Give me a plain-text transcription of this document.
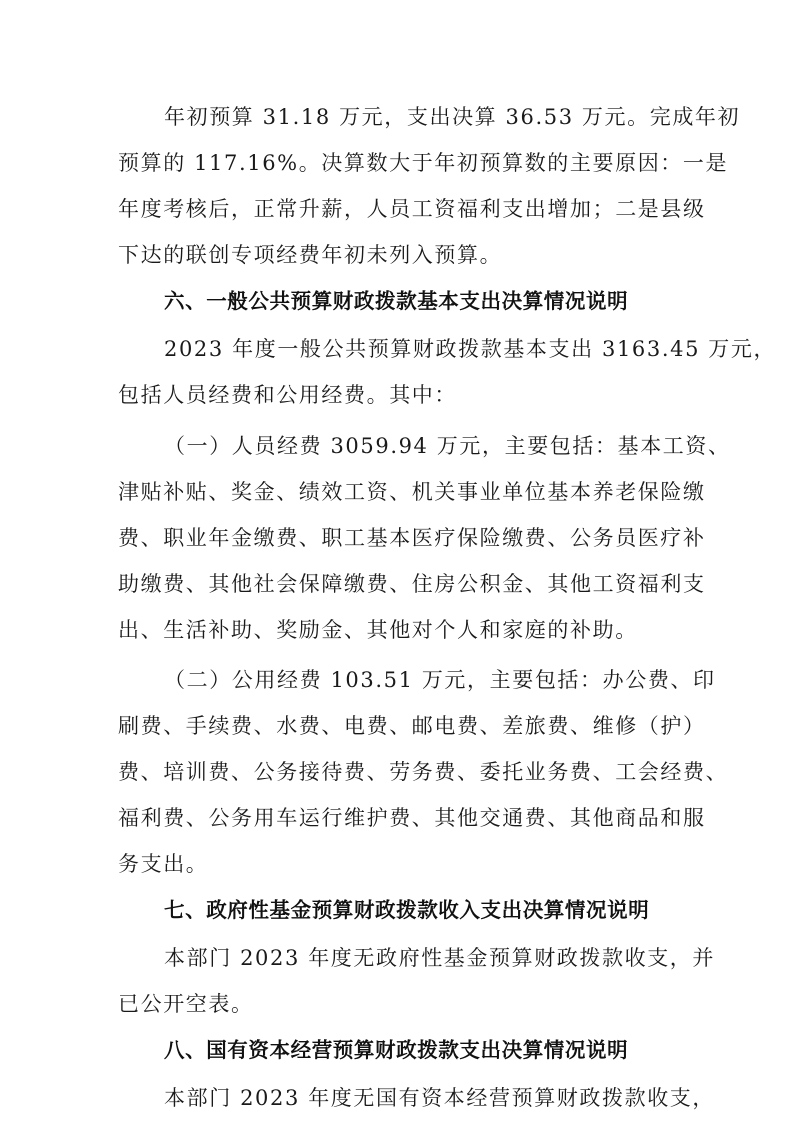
年初预算 31.18 万元，支出决算 36.53 万元。完成年初
预算的 117.16%。决算数大于年初预算数的主要原因：一是
年度考核后，正常升薪，人员工资福利支出增加；二是县级
下达的联创专项经费年初未列入预算。
六、一般公共预算财政拨款基本支出决算情况说明
2023 年度一般公共预算财政拨款基本支出 3163.45 万元，
包括人员经费和公用经费。其中：
（一）人员经费 3059.94 万元，主要包括：基本工资、
津贴补贴、奖金、绩效工资、机关事业单位基本养老保险缴
费、职业年金缴费、职工基本医疗保险缴费、公务员医疗补
助缴费、其他社会保障缴费、住房公积金、其他工资福利支
出、生活补助、奖励金、其他对个人和家庭的补助。
（二）公用经费 103.51 万元，主要包括：办公费、印
刷费、手续费、水费、电费、邮电费、差旅费、维修（护）
费、培训费、公务接待费、劳务费、委托业务费、工会经费、
福利费、公务用车运行维护费、其他交通费、其他商品和服
务支出。
七、政府性基金预算财政拨款收入支出决算情况说明
本部门 2023 年度无政府性基金预算财政拨款收支，并
已公开空表。
八、国有资本经营预算财政拨款支出决算情况说明
本部门 2023 年度无国有资本经营预算财政拨款收支，
